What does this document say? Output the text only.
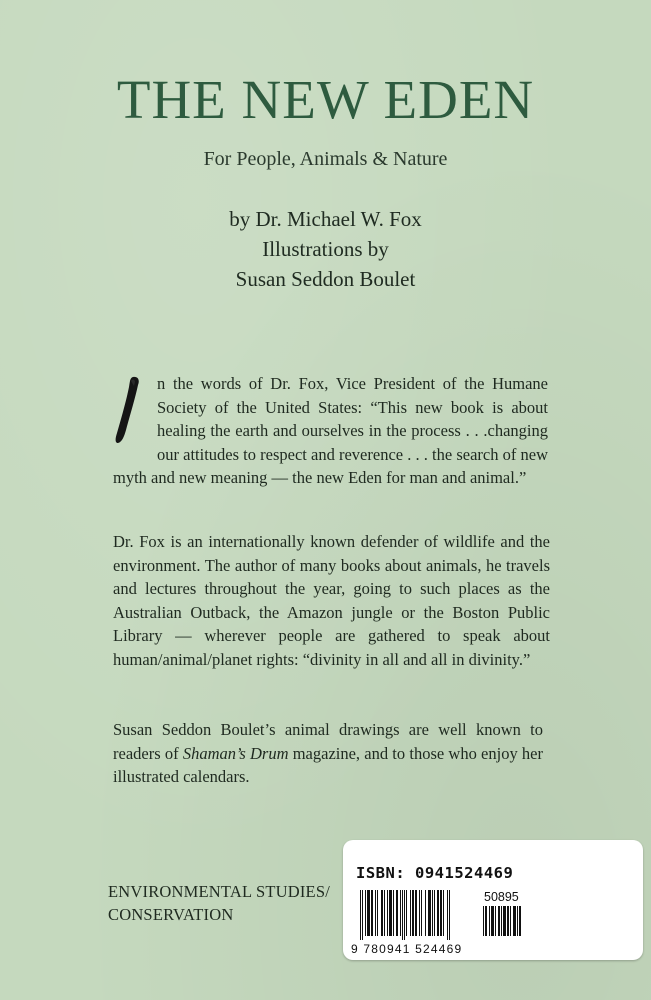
THE NEW EDEN
For People, Animals & Nature
by Dr. Michael W. Fox
Illustrations by
Susan Seddon Boulet
n the words of Dr. Fox, Vice President of the Humane Society of the United States: “This new book is about healing the earth and ourselves in the process . . .changing our attitudes to respect and reverence . . . the search of new myth and new meaning — the new Eden for man and animal.”

Dr. Fox is an internationally known defender of wildlife and the environment. The author of many books about animals, he travels and lectures throughout the year, going to such places as the Australian Outback, the Amazon jungle or the Boston Public Library — wherever people are gathered to speak about human/animal/planet rights: “divinity in all and all in divinity.”

Susan Seddon Boulet’s animal drawings are well known to readers of Shaman’s Drum magazine, and to those who enjoy her illustrated calendars.

ENVIRONMENTAL STUDIES/
CONSERVATION
ISBN: 0941524469
50895
9 780941 524469
